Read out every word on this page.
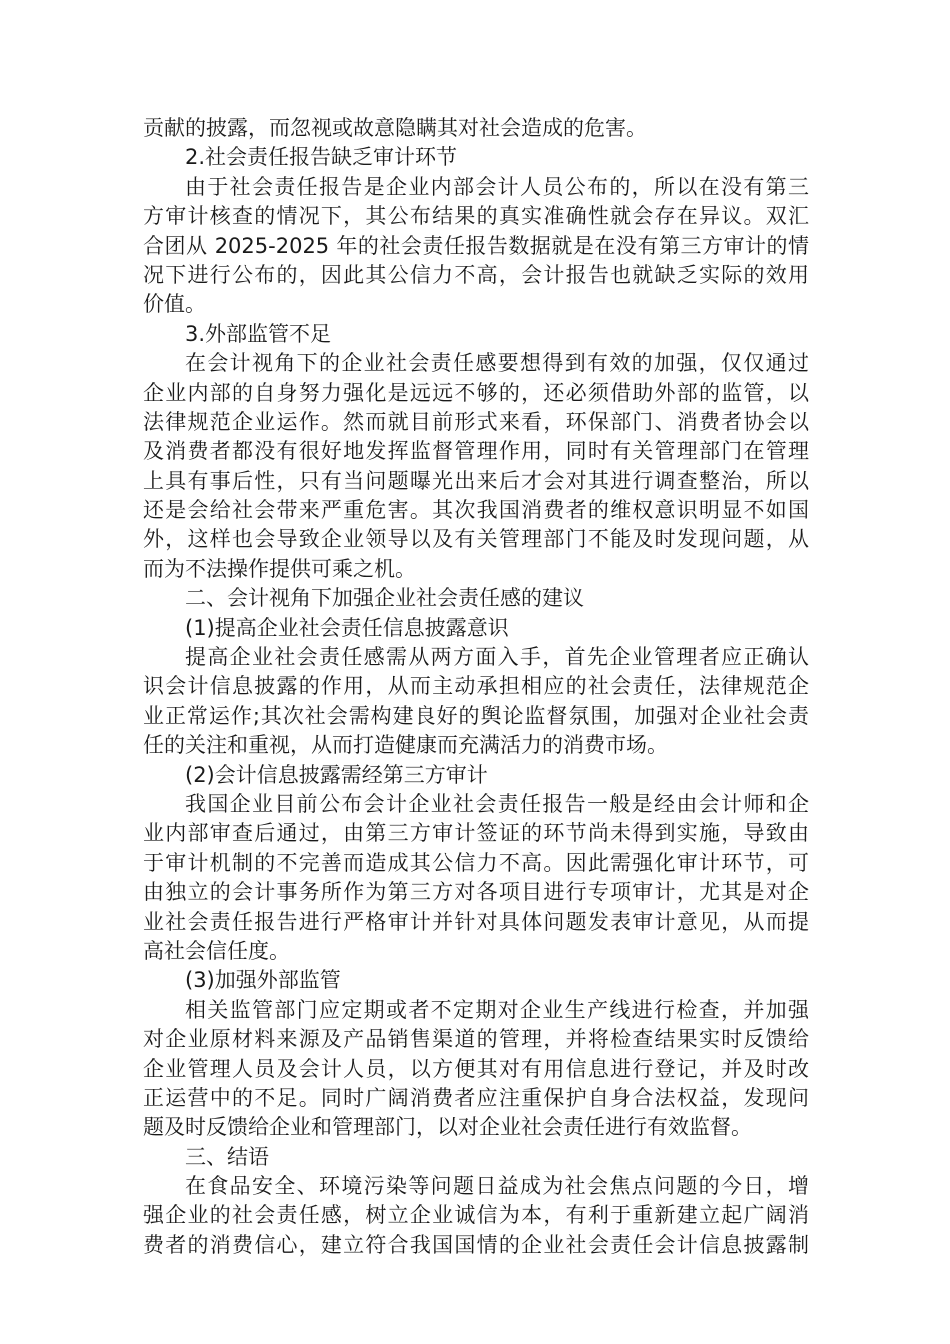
贡献的披露，而忽视或故意隐瞒其对社会造成的危害。
2.社会责任报告缺乏审计环节
由于社会责任报告是企业内部会计人员公布的，所以在没有第三
方审计核查的情况下，其公布结果的真实准确性就会存在异议。双汇
合团从 2025-2025 年的社会责任报告数据就是在没有第三方审计的情
况下进行公布的，因此其公信力不高，会计报告也就缺乏实际的效用
价值。
3.外部监管不足
在会计视角下的企业社会责任感要想得到有效的加强，仅仅通过
企业内部的自身努力强化是远远不够的，还必须借助外部的监管，以
法律规范企业运作。然而就目前形式来看，环保部门、消费者协会以
及消费者都没有很好地发挥监督管理作用，同时有关管理部门在管理
上具有事后性，只有当问题曝光出来后才会对其进行调查整治，所以
还是会给社会带来严重危害。其次我国消费者的维权意识明显不如国
外，这样也会导致企业领导以及有关管理部门不能及时发现问题，从
而为不法操作提供可乘之机。
二、会计视角下加强企业社会责任感的建议
(1)提高企业社会责任信息披露意识
提高企业社会责任感需从两方面入手，首先企业管理者应正确认
识会计信息披露的作用，从而主动承担相应的社会责任，法律规范企
业正常运作;其次社会需构建良好的舆论监督氛围，加强对企业社会责
任的关注和重视，从而打造健康而充满活力的消费市场。
(2)会计信息披露需经第三方审计
我国企业目前公布会计企业社会责任报告一般是经由会计师和企
业内部审查后通过，由第三方审计签证的环节尚未得到实施，导致由
于审计机制的不完善而造成其公信力不高。因此需强化审计环节，可
由独立的会计事务所作为第三方对各项目进行专项审计，尤其是对企
业社会责任报告进行严格审计并针对具体问题发表审计意见，从而提
高社会信任度。
(3)加强外部监管
相关监管部门应定期或者不定期对企业生产线进行检查，并加强
对企业原材料来源及产品销售渠道的管理，并将检查结果实时反馈给
企业管理人员及会计人员，以方便其对有用信息进行登记，并及时改
正运营中的不足。同时广阔消费者应注重保护自身合法权益，发现问
题及时反馈给企业和管理部门，以对企业社会责任进行有效监督。
三、结语
在食品安全、环境污染等问题日益成为社会焦点问题的今日，增
强企业的社会责任感，树立企业诚信为本，有利于重新建立起广阔消
费者的消费信心，建立符合我国国情的企业社会责任会计信息披露制
